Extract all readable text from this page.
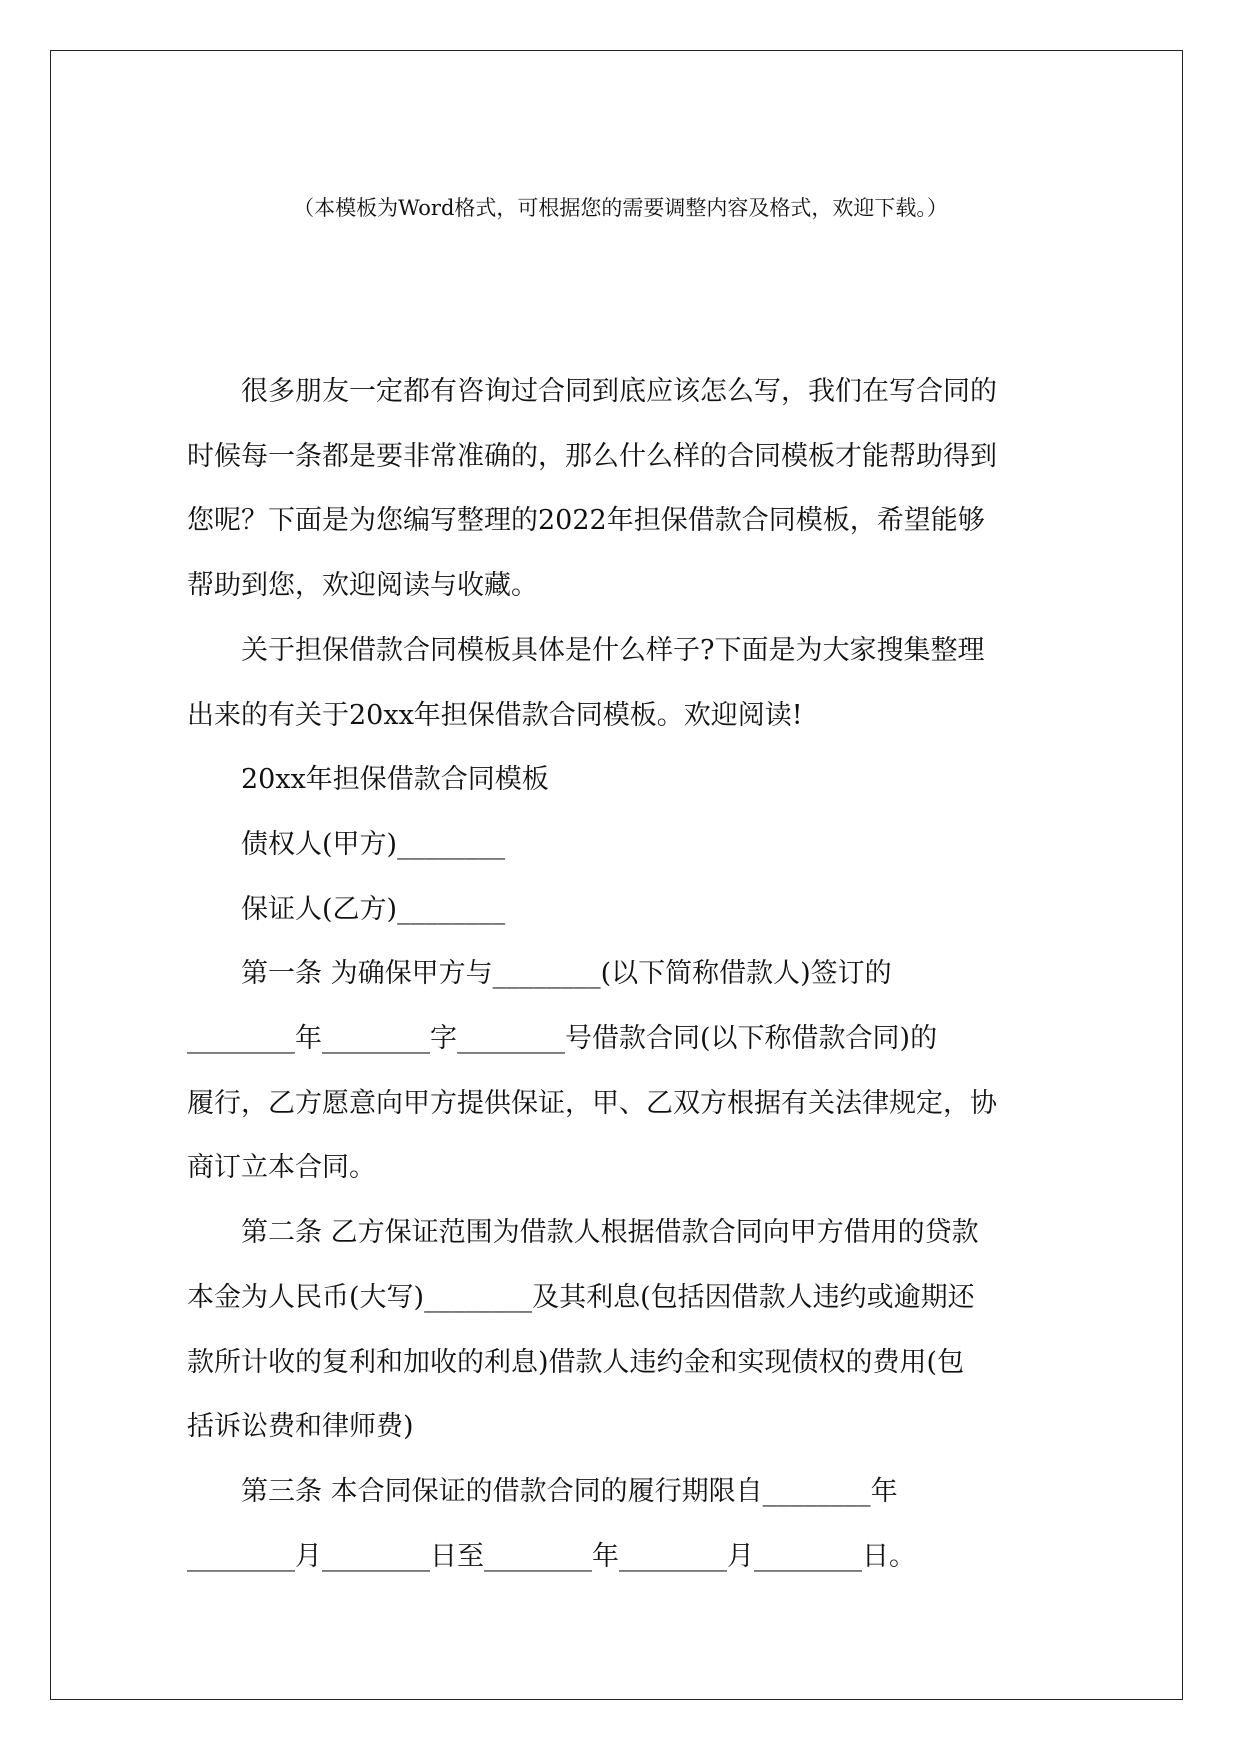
（本模板为Word格式，可根据您的需要调整内容及格式，欢迎下载。）

很多朋友一定都有咨询过合同到底应该怎么写，我们在写合同的

时候每一条都是要非常准确的，那么什么样的合同模板才能帮助得到

您呢？下面是为您编写整理的2022年担保借款合同模板，希望能够

帮助到您，欢迎阅读与收藏。

关于担保借款合同模板具体是什么样子?下面是为大家搜集整理

出来的有关于20xx年担保借款合同模板。欢迎阅读!

20xx年担保借款合同模板

债权人(甲方)________

保证人(乙方)________

第一条 为确保甲方与________(以下简称借款人)签订的

________年________字________号借款合同(以下称借款合同)的

履行，乙方愿意向甲方提供保证，甲、乙双方根据有关法律规定，协

商订立本合同。

第二条 乙方保证范围为借款人根据借款合同向甲方借用的贷款

本金为人民币(大写)________及其利息(包括因借款人违约或逾期还

款所计收的复利和加收的利息)借款人违约金和实现债权的费用(包

括诉讼费和律师费)

第三条 本合同保证的借款合同的履行期限自________年

________月________日至________年________月________日。
